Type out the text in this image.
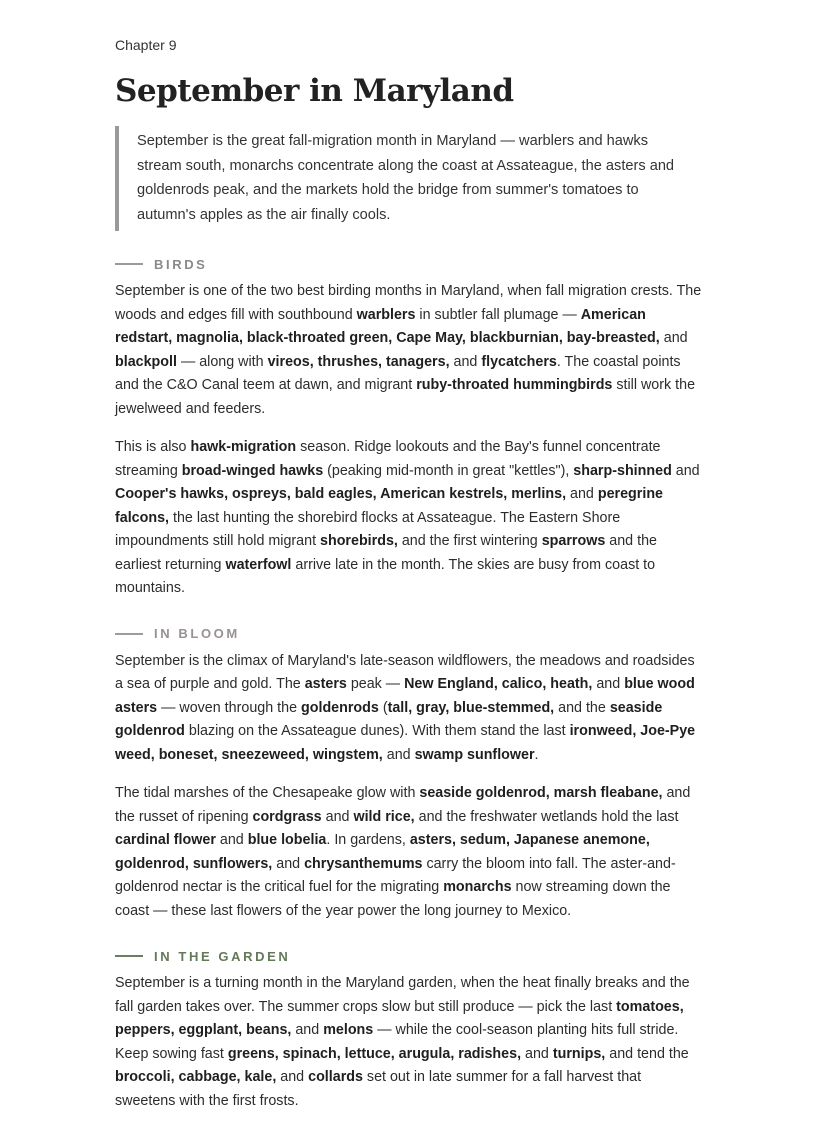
Chapter 9

September in Maryland
September is the great fall-migration month in Maryland — warblers and hawks stream south, monarchs concentrate along the coast at Assateague, the asters and goldenrods peak, and the markets hold the bridge from summer's tomatoes to autumn's apples as the air finally cools.
BIRDS

September is one of the two best birding months in Maryland, when fall migration crests. The woods and edges fill with southbound warblers in subtler fall plumage — American redstart, magnolia, black-throated green, Cape May, blackburnian, bay-breasted, and blackpoll — along with vireos, thrushes, tanagers, and flycatchers. The coastal points and the C&O Canal teem at dawn, and migrant ruby-throated hummingbirds still work the jewelweed and feeders.

This is also hawk-migration season. Ridge lookouts and the Bay's funnel concentrate streaming broad-winged hawks (peaking mid-month in great "kettles"), sharp-shinned and Cooper's hawks, ospreys, bald eagles, American kestrels, merlins, and peregrine falcons, the last hunting the shorebird flocks at Assateague. The Eastern Shore impoundments still hold migrant shorebirds, and the first wintering sparrows and the earliest returning waterfowl arrive late in the month. The skies are busy from coast to mountains.

IN BLOOM

September is the climax of Maryland's late-season wildflowers, the meadows and roadsides a sea of purple and gold. The asters peak — New England, calico, heath, and blue wood asters — woven through the goldenrods (tall, gray, blue-stemmed, and the seaside goldenrod blazing on the Assateague dunes). With them stand the last ironweed, Joe-Pye weed, boneset, sneezeweed, wingstem, and swamp sunflower.

The tidal marshes of the Chesapeake glow with seaside goldenrod, marsh fleabane, and the russet of ripening cordgrass and wild rice, and the freshwater wetlands hold the last cardinal flower and blue lobelia. In gardens, asters, sedum, Japanese anemone, goldenrod, sunflowers, and chrysanthemums carry the bloom into fall. The aster-and-goldenrod nectar is the critical fuel for the migrating monarchs now streaming down the coast — these last flowers of the year power the long journey to Mexico.

IN THE GARDEN

September is a turning month in the Maryland garden, when the heat finally breaks and the fall garden takes over. The summer crops slow but still produce — pick the last tomatoes, peppers, eggplant, beans, and melons — while the cool-season planting hits full stride. Keep sowing fast greens, spinach, lettuce, arugula, radishes, and turnips, and tend the broccoli, cabbage, kale, and collards set out in late summer for a fall harvest that sweetens with the first frosts.
